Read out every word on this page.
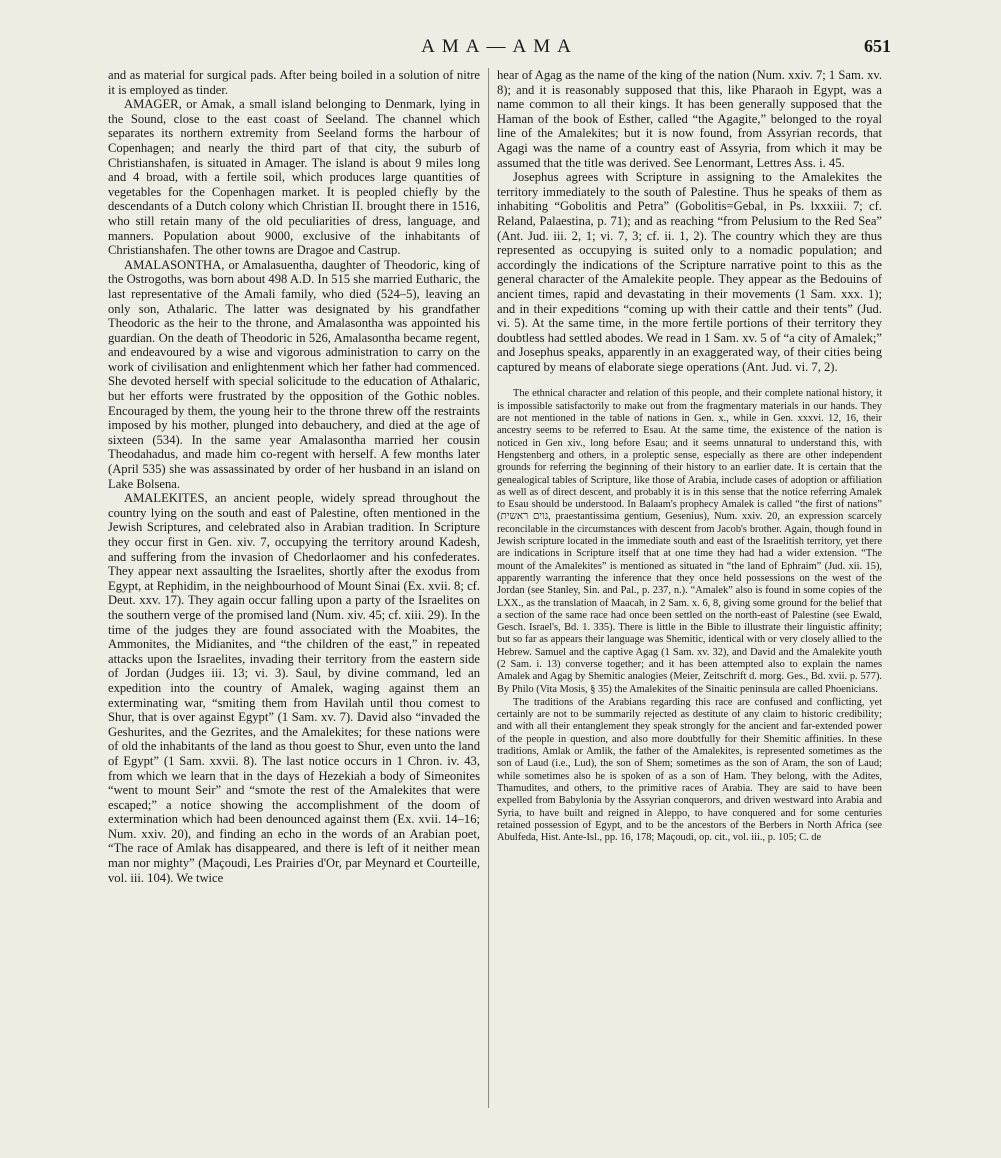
AMA—AMA	651

and as material for surgical pads. After being boiled in a solution of nitre it is employed as tinder.

AMAGER, or Amak, a small island belonging to Denmark, lying in the Sound, close to the east coast of Seeland. The channel which separates its northern extremity from Seeland forms the harbour of Copenhagen; and nearly the third part of that city, the suburb of Christianshafen, is situated in Amager. The island is about 9 miles long and 4 broad, with a fertile soil, which produces large quantities of vegetables for the Copenhagen market. It is peopled chiefly by the descendants of a Dutch colony which Christian II. brought there in 1516, who still retain many of the old peculiarities of dress, language, and manners. Population about 9000, exclusive of the inhabitants of Christianshafen. The other towns are Dragoe and Castrup.

AMALASONTHA, or Amalasuentha, daughter of Theodoric, king of the Ostrogoths, was born about 498 A.D. In 515 she married Eutharic, the last representative of the Amali family, who died (524–5), leaving an only son, Athalaric. The latter was designated by his grandfather Theodoric as the heir to the throne, and Amalasontha was appointed his guardian. On the death of Theodoric in 526, Amalasontha became regent, and endeavoured by a wise and vigorous administration to carry on the work of civilisation and enlightenment which her father had commenced. She devoted herself with special solicitude to the education of Athalaric, but her efforts were frustrated by the opposition of the Gothic nobles. Encouraged by them, the young heir to the throne threw off the restraints imposed by his mother, plunged into debauchery, and died at the age of sixteen (534). In the same year Amalasontha married her cousin Theodahadus, and made him co-regent with herself. A few months later (April 535) she was assassinated by order of her husband in an island on Lake Bolsena.

AMALEKITES, an ancient people, widely spread throughout the country lying on the south and east of Palestine, often mentioned in the Jewish Scriptures, and celebrated also in Arabian tradition. In Scripture they occur first in Gen. xiv. 7, occupying the territory around Kadesh, and suffering from the invasion of Chedorlaomer and his confederates. They appear next assaulting the Israelites, shortly after the exodus from Egypt, at Rephidim, in the neighbourhood of Mount Sinai (Ex. xvii. 8; cf. Deut. xxv. 17). They again occur falling upon a party of the Israelites on the southern verge of the promised land (Num. xiv. 45; cf. xiii. 29). In the time of the judges they are found associated with the Moabites, the Ammonites, the Midianites, and “the children of the east,” in repeated attacks upon the Israelites, invading their territory from the eastern side of Jordan (Judges iii. 13; vi. 3). Saul, by divine command, led an expedition into the country of Amalek, waging against them an exterminating war, “smiting them from Havilah until thou comest to Shur, that is over against Egypt” (1 Sam. xv. 7). David also “invaded the Geshurites, and the Gezrites, and the Amalekites; for these nations were of old the inhabitants of the land as thou goest to Shur, even unto the land of Egypt” (1 Sam. xxvii. 8). The last notice occurs in 1 Chron. iv. 43, from which we learn that in the days of Hezekiah a body of Simeonites “went to mount Seir” and “smote the rest of the Amalekites that were escaped;” a notice showing the accomplishment of the doom of extermination which had been denounced against them (Ex. xvii. 14–16; Num. xxiv. 20), and finding an echo in the words of an Arabian poet, “The race of Amlak has disappeared, and there is left of it neither mean man nor mighty” (Maçoudi, Les Prairies d'Or, par Meynard et Courteille, vol. iii. 104). We twice

hear of Agag as the name of the king of the nation (Num. xxiv. 7; 1 Sam. xv. 8); and it is reasonably supposed that this, like Pharaoh in Egypt, was a name common to all their kings. It has been generally supposed that the Haman of the book of Esther, called “the Agagite,” belonged to the royal line of the Amalekites; but it is now found, from Assyrian records, that Agagi was the name of a country east of Assyria, from which it may be assumed that the title was derived. See Lenormant, Lettres Ass. i. 45.

Josephus agrees with Scripture in assigning to the Amalekites the territory immediately to the south of Palestine. Thus he speaks of them as inhabiting “Gobolitis and Petra” (Gobolitis=Gebal, in Ps. lxxxiii. 7; cf. Reland, Palaestina, p. 71); and as reaching “from Pelusium to the Red Sea” (Ant. Jud. iii. 2, 1; vi. 7, 3; cf. ii. 1, 2). The country which they are thus represented as occupying is suited only to a nomadic population; and accordingly the indications of the Scripture narrative point to this as the general character of the Amalekite people. They appear as the Bedouins of ancient times, rapid and devastating in their movements (1 Sam. xxx. 1); and in their expeditions “coming up with their cattle and their tents” (Jud. vi. 5). At the same time, in the more fertile portions of their territory they doubtless had settled abodes. We read in 1 Sam. xv. 5 of “a city of Amalek;” and Josephus speaks, apparently in an exaggerated way, of their cities being captured by means of elaborate siege operations (Ant. Jud. vi. 7, 2).

The ethnical character and relation of this people, and their complete national history, it is impossible satisfactorily to make out from the fragmentary materials in our hands. They are not mentioned in the table of nations in Gen. x., while in Gen. xxxvi. 12, 16, their ancestry seems to be referred to Esau. At the same time, the existence of the nation is noticed in Gen xiv., long before Esau; and it seems unnatural to understand this, with Hengstenberg and others, in a proleptic sense, especially as there are other independent grounds for referring the beginning of their history to an earlier date. It is certain that the genealogical tables of Scripture, like those of Arabia, include cases of adoption or affiliation as well as of direct descent, and probably it is in this sense that the notice referring Amalek to Esau should be understood. In Balaam's prophecy Amalek is called “the first of nations” (גוים ראשית, praestantissima gentium, Gesenius), Num. xxiv. 20, an expression scarcely reconcilable in the circumstances with descent from Jacob's brother. Again, though found in Jewish scripture located in the immediate south and east of the Israelitish territory, yet there are indications in Scripture itself that at one time they had had a wider extension. “The mount of the Amalekites” is mentioned as situated in “the land of Ephraim” (Jud. xii. 15), apparently warranting the inference that they once held possessions on the west of the Jordan (see Stanley, Sin. and Pal., p. 237, n.). “Amalek” also is found in some copies of the LXX., as the translation of Maacah, in 2 Sam. x. 6, 8, giving some ground for the belief that a section of the same race had once been settled on the north-east of Palestine (see Ewald, Gesch. Israel's, Bd. 1. 335). There is little in the Bible to illustrate their linguistic affinity; but so far as appears their language was Shemitic, identical with or very closely allied to the Hebrew. Samuel and the captive Agag (1 Sam. xv. 32), and David and the Amalekite youth (2 Sam. i. 13) converse together; and it has been attempted also to explain the names Amalek and Agag by Shemitic analogies (Meier, Zeitschrift d. morg. Ges., Bd. xvii. p. 577). By Philo (Vita Mosis, § 35) the Amalekites of the Sinaitic peninsula are called Phoenicians.

The traditions of the Arabians regarding this race are confused and conflicting, yet certainly are not to be summarily rejected as destitute of any claim to historic credibility; and with all their entanglement they speak strongly for the ancient and far-extended power of the people in question, and also more doubtfully for their Shemitic affinities. In these traditions, Amlak or Amlik, the father of the Amalekites, is represented sometimes as the son of Laud (i.e., Lud), the son of Shem; sometimes as the son of Aram, the son of Laud; while sometimes also he is spoken of as a son of Ham. They belong, with the Adites, Thamudites, and others, to the primitive races of Arabia. They are said to have been expelled from Babylonia by the Assyrian conquerors, and driven westward into Arabia and Syria, to have built and reigned in Aleppo, to have conquered and for some centuries retained possession of Egypt, and to be the ancestors of the Berbers in North Africa (see Abulfeda, Hist. Ante-Isl., pp. 16, 178; Maçoudi, op. cit., vol. iii., p. 105; C. de
